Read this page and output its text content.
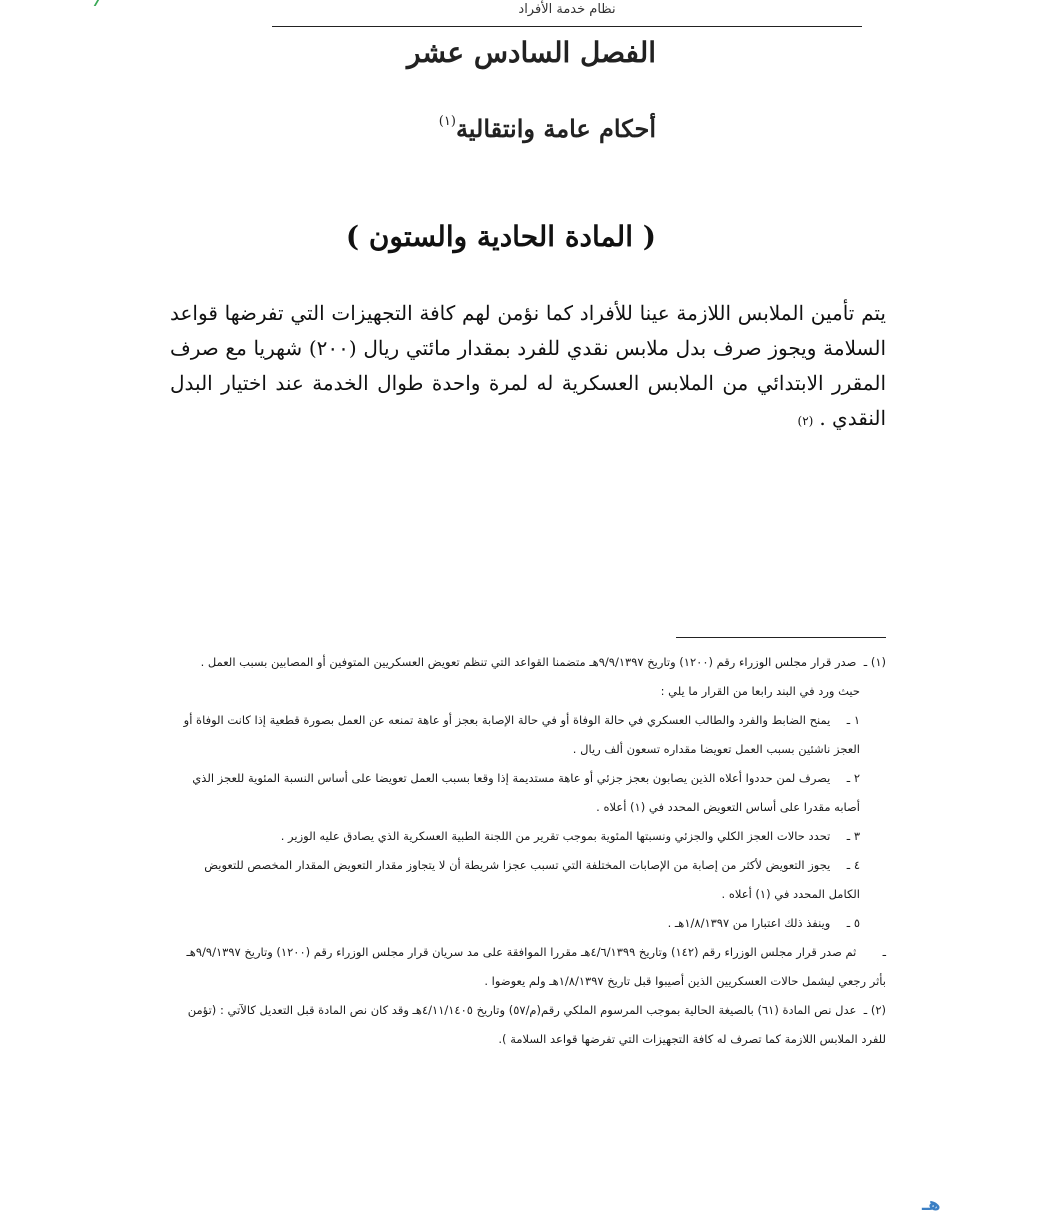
نظام خدمة الأفراد
الفصل السادس عشر
أحكام عامة وانتقالية$^{(١)}$
( المادة الحادية والستون )
يتم تأمين الملابس اللازمة عينا للأفراد كما نؤمن لهم كافة التجهيزات التي تفرضها قواعد السلامة ويجوز صرف بدل ملابس نقدي للفرد بمقدار مائتي ريال (٢٠٠) شهريا مع صرف المقرر الابتدائي من الملابس العسكرية له لمرة واحدة طوال الخدمة عند اختيار البدل النقدي .(٢)

(١) ـ صدر قرار مجلس الوزراء رقم (١٢٠٠) وتاريخ ٩/٩/١٣٩٧هـ متضمنا القواعد التي تنظم تعويض العسكريين المتوفين أو المصابين بسبب العمل .

حيث ورد في البند رابعا من القرار ما يلي :

١ ـ يمنح الضابط والفرد والطالب العسكري في حالة الوفاة أو في حالة الإصابة بعجز أو عاهة تمنعه عن العمل بصورة قطعية إذا كانت الوفاة أو العجز ناشئين بسبب العمل تعويضا مقداره تسعون ألف ريال .

٢ ـ يصرف لمن حددوا أعلاه الذين يصابون بعجز جزئي أو عاهة مستديمة إذا وقعا بسبب العمل تعويضا على أساس النسبة المئوية للعجز الذي أصابه مقدرا على أساس التعويض المحدد في (١) أعلاه .

٣ ـ تحدد حالات العجز الكلي والجزئي ونسبتها المئوية بموجب تقرير من اللجنة الطبية العسكرية الذي يصادق عليه الوزير .

٤ ـ يجوز التعويض لأكثر من إصابة من الإصابات المختلفة التي تسبب عجزا شريطة أن لا يتجاوز مقدار التعويض المقدار المخصص للتعويض الكامل المحدد في (١) أعلاه .

٥ ـ وينفذ ذلك اعتبارا من ١/٨/١٣٩٧هـ .

ـ ثم صدر قرار مجلس الوزراء رقم (١٤٢) وتاريخ ٤/٦/١٣٩٩هـ مقررا الموافقة على مد سريان قرار مجلس الوزراء رقم (١٢٠٠) وتاريخ ٩/٩/١٣٩٧هـ بأثر رجعي ليشمل حالات العسكريين الذين أصيبوا قبل تاريخ ١/٨/١٣٩٧هـ ولم يعوضوا .

(٢) ـ عدل نص المادة (٦١) بالصيغة الحالية بموجب المرسوم الملكي رقم(م/٥٧) وتاريخ ٤/١١/١٤٠٥هـ وقد كان نص المادة قبل التعديل كالآتي : (تؤمن للفرد الملابس اللازمة كما تصرف له كافة التجهيزات التي تفرضها قواعد السلامة ).

هـ
